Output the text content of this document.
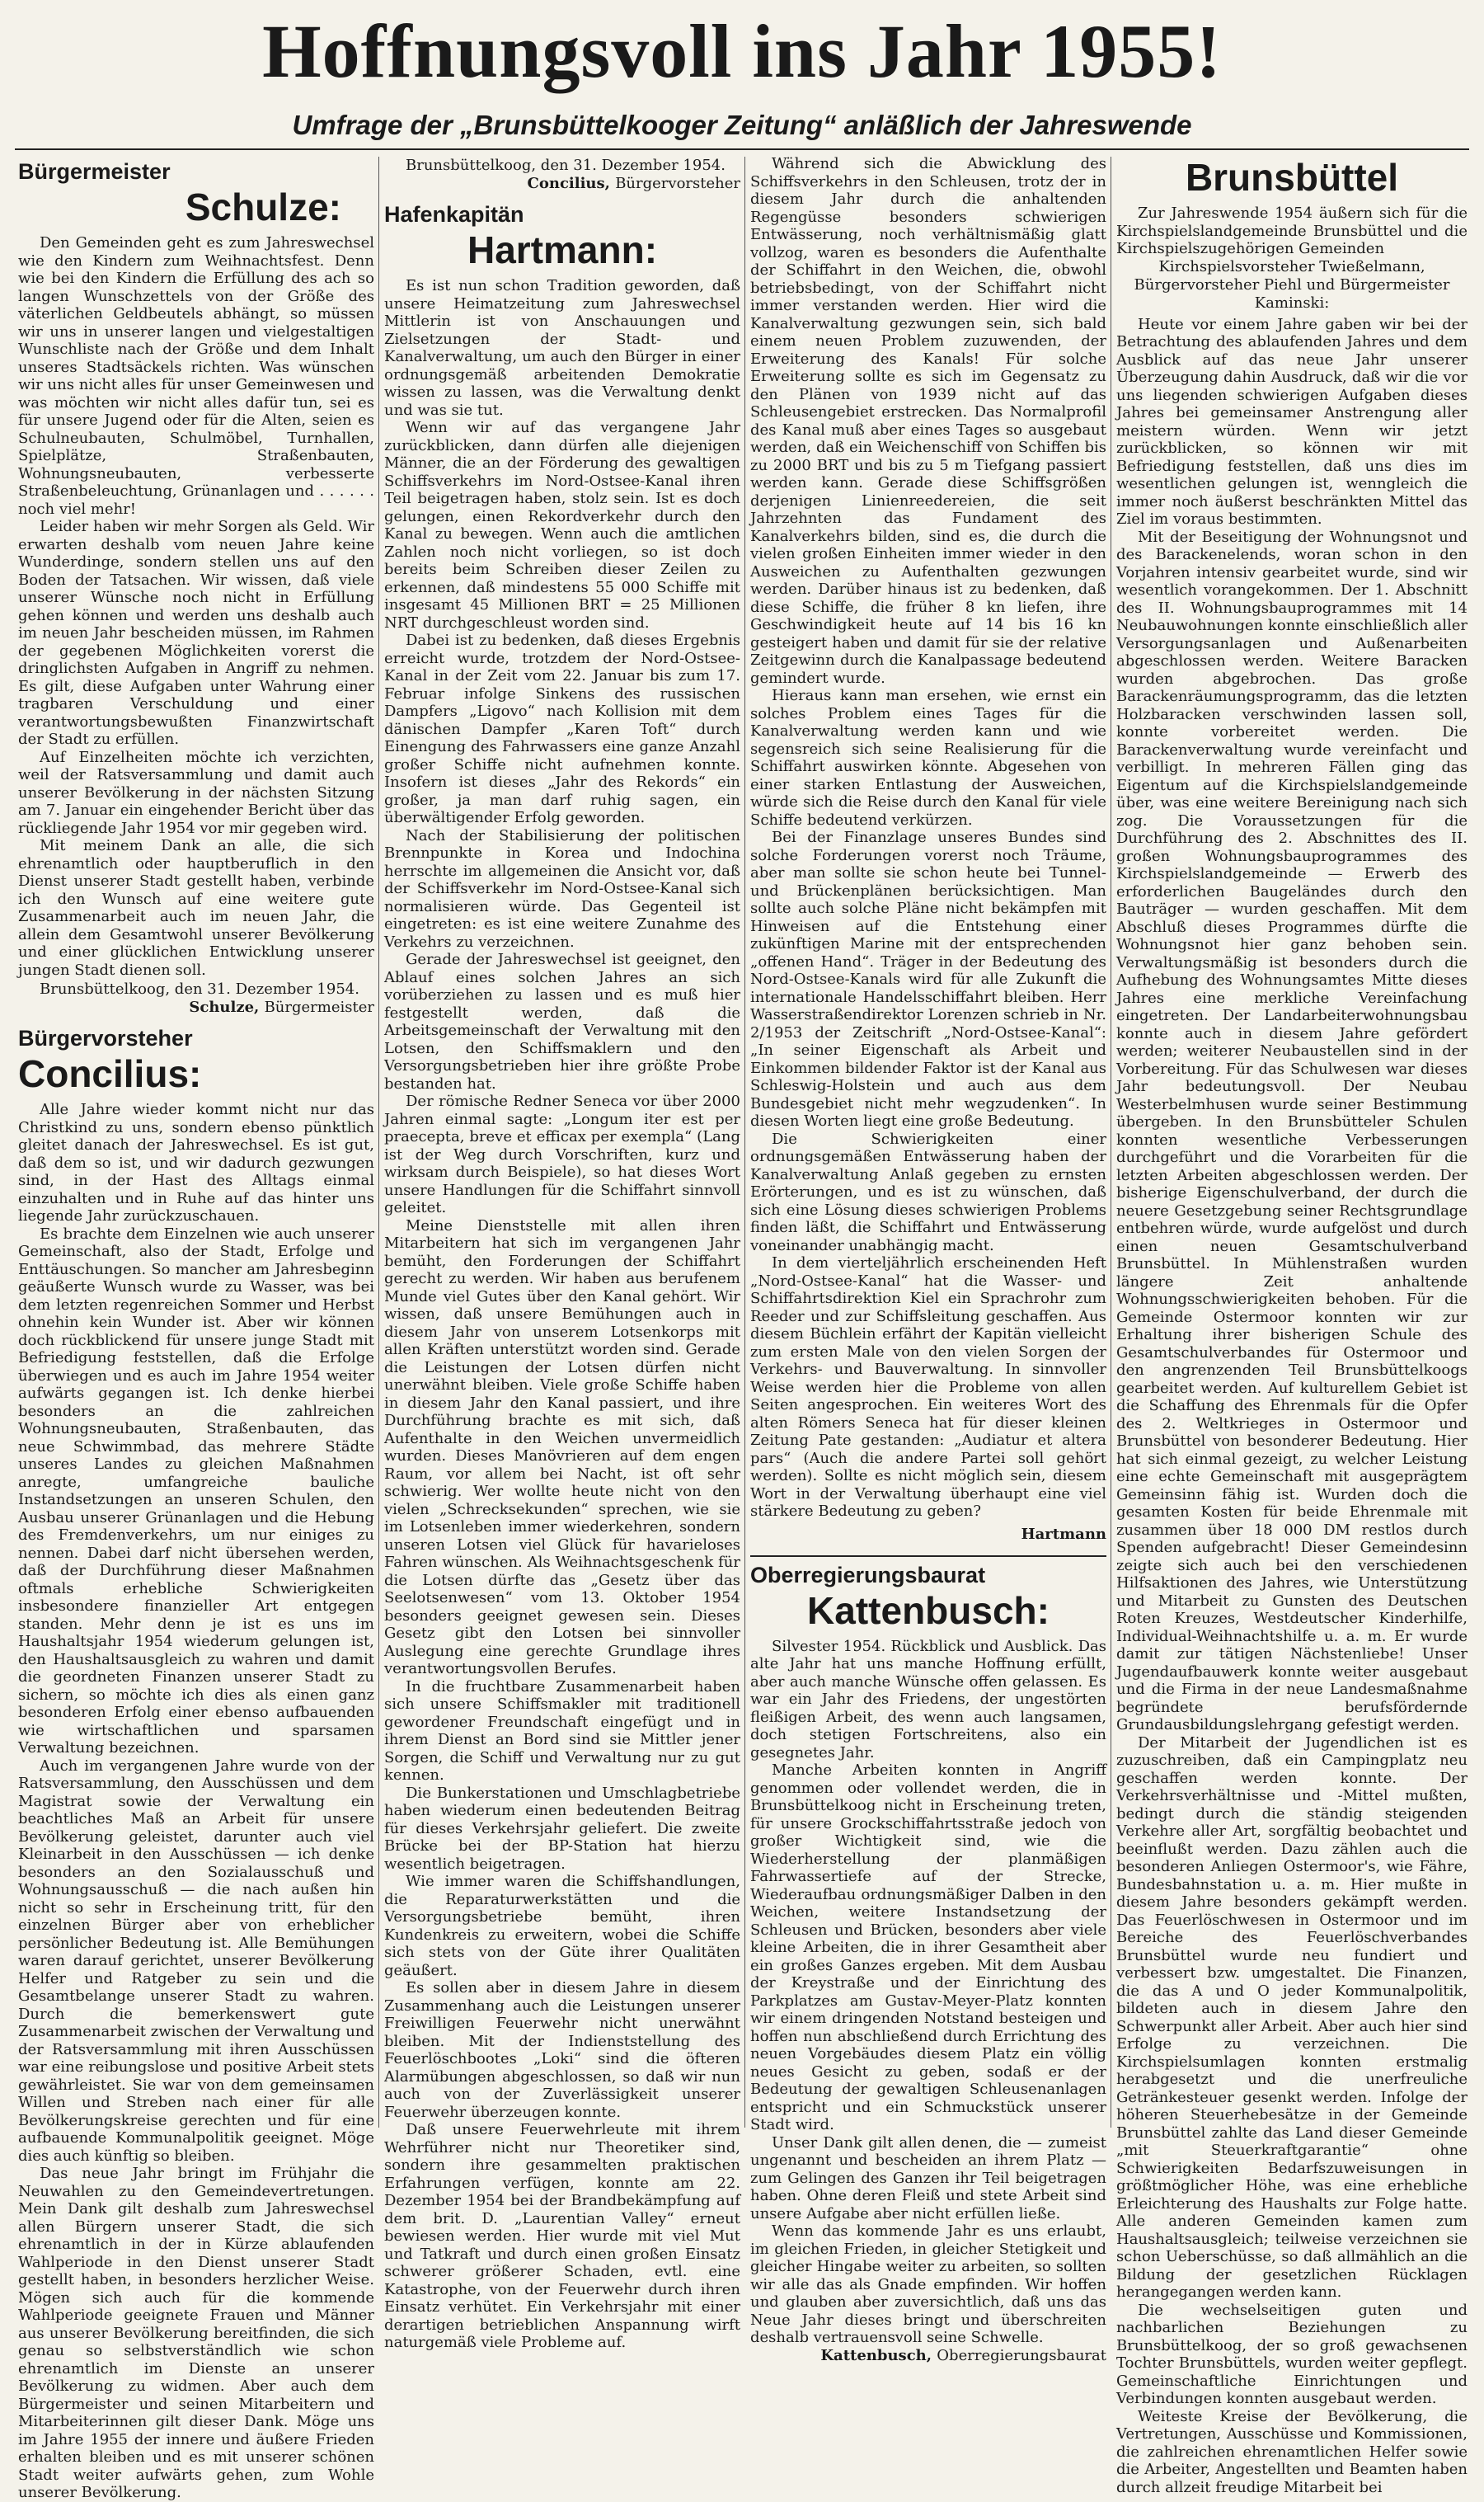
Hoffnungsvoll ins Jahr 1955!
Umfrage der „Brunsbüttelkooger Zeitung“ anläßlich der Jahreswende
Bürgermeister
Schulze:

Den Gemeinden geht es zum Jahreswechsel wie den Kindern zum Weihnachtsfest. Denn wie bei den Kindern die Erfüllung des ach so langen Wunschzettels von der Größe des väterlichen Geldbeutels abhängt, so müssen wir uns in unserer langen und vielgestaltigen Wunschliste nach der Größe und dem Inhalt unseres Stadtsäckels richten. Was wünschen wir uns nicht alles für unser Gemeinwesen und was möchten wir nicht alles dafür tun, sei es für unsere Jugend oder für die Alten, seien es Schulneubauten, Schulmöbel, Turnhallen, Spielplätze, Straßenbauten, Wohnungsneubauten, verbesserte Straßenbeleuchtung, Grünanlagen und . . . . . . noch viel mehr!

Leider haben wir mehr Sorgen als Geld. Wir erwarten deshalb vom neuen Jahre keine Wunderdinge, sondern stellen uns auf den Boden der Tatsachen. Wir wissen, daß viele unserer Wünsche noch nicht in Erfüllung gehen können und werden uns deshalb auch im neuen Jahr bescheiden müssen, im Rahmen der gegebenen Möglichkeiten vorerst die dringlichsten Aufgaben in Angriff zu nehmen. Es gilt, diese Aufgaben unter Wahrung einer tragbaren Verschuldung und einer verantwortungsbewußten Finanzwirtschaft der Stadt zu erfüllen.

Auf Einzelheiten möchte ich verzichten, weil der Ratsversammlung und damit auch unserer Bevölkerung in der nächsten Sitzung am 7. Januar ein eingehender Bericht über das rückliegende Jahr 1954 vor mir gegeben wird.

Mit meinem Dank an alle, die sich ehrenamtlich oder hauptberuflich in den Dienst unserer Stadt gestellt haben, verbinde ich den Wunsch auf eine weitere gute Zusammenarbeit auch im neuen Jahr, die allein dem Gesamtwohl unserer Bevölkerung und einer glücklichen Entwicklung unserer jungen Stadt dienen soll.

Brunsbüttelkoog, den 31. Dezember 1954.
Schulze, Bürgermeister
Bürgervorsteher
Concilius:

Alle Jahre wieder kommt nicht nur das Christkind zu uns, sondern ebenso pünktlich gleitet danach der Jahreswechsel. Es ist gut, daß dem so ist, und wir dadurch gezwungen sind, in der Hast des Alltags einmal einzuhalten und in Ruhe auf das hinter uns liegende Jahr zurückzuschauen.

Es brachte dem Einzelnen wie auch unserer Gemeinschaft, also der Stadt, Erfolge und Enttäuschungen. So mancher am Jahresbeginn geäußerte Wunsch wurde zu Wasser, was bei dem letzten regenreichen Sommer und Herbst ohnehin kein Wunder ist. Aber wir können doch rückblickend für unsere junge Stadt mit Befriedigung feststellen, daß die Erfolge überwiegen und es auch im Jahre 1954 weiter aufwärts gegangen ist. Ich denke hierbei besonders an die zahlreichen Wohnungsneubauten, Straßenbauten, das neue Schwimmbad, das mehrere Städte unseres Landes zu gleichen Maßnahmen anregte, umfangreiche bauliche Instandsetzungen an unseren Schulen, den Ausbau unserer Grünanlagen und die Hebung des Fremdenverkehrs, um nur einiges zu nennen. Dabei darf nicht übersehen werden, daß der Durchführung dieser Maßnahmen oftmals erhebliche Schwierigkeiten insbesondere finanzieller Art entgegen standen. Mehr denn je ist es uns im Haushaltsjahr 1954 wiederum gelungen ist, den Haushaltsausgleich zu wahren und damit die geordneten Finanzen unserer Stadt zu sichern, so möchte ich dies als einen ganz besonderen Erfolg einer ebenso aufbauenden wie wirtschaftlichen und sparsamen Verwaltung bezeichnen.

Auch im vergangenen Jahre wurde von der Ratsversammlung, den Ausschüssen und dem Magistrat sowie der Verwaltung ein beachtliches Maß an Arbeit für unsere Bevölkerung geleistet, darunter auch viel Kleinarbeit in den Ausschüssen — ich denke besonders an den Sozialausschuß und Wohnungsausschuß — die nach außen hin nicht so sehr in Erscheinung tritt, für den einzelnen Bürger aber von erheblicher persönlicher Bedeutung ist. Alle Bemühungen waren darauf gerichtet, unserer Bevölkerung Helfer und Ratgeber zu sein und die Gesamtbelange unserer Stadt zu wahren. Durch die bemerkenswert gute Zusammenarbeit zwischen der Verwaltung und der Ratsversammlung mit ihren Ausschüssen war eine reibungslose und positive Arbeit stets gewährleistet. Sie war von dem gemeinsamen Willen und Streben nach einer für alle Bevölkerungskreise gerechten und für eine aufbauende Kommunalpolitik geeignet. Möge dies auch künftig so bleiben.

Das neue Jahr bringt im Frühjahr die Neuwahlen zu den Gemeindevertretungen. Mein Dank gilt deshalb zum Jahreswechsel allen Bürgern unserer Stadt, die sich ehrenamtlich in der in Kürze ablaufenden Wahlperiode in den Dienst unserer Stadt gestellt haben, in besonders herzlicher Weise. Mögen sich auch für die kommende Wahlperiode geeignete Frauen und Männer aus unserer Bevölkerung bereitfinden, die sich genau so selbstverständlich wie schon ehrenamtlich im Dienste an unserer Bevölkerung zu widmen. Aber auch dem Bürgermeister und seinen Mitarbeitern und Mitarbeiterinnen gilt dieser Dank. Möge uns im Jahre 1955 der innere und äußere Frieden erhalten bleiben und es mit unserer schönen Stadt weiter aufwärts gehen, zum Wohle unserer Bevölkerung.

Brunsbüttelkoog, den 31. Dezember 1954.
Concilius, Bürgervorsteher
Hafenkapitän
Hartmann:

Es ist nun schon Tradition geworden, daß unsere Heimatzeitung zum Jahreswechsel Mittlerin ist von Anschauungen und Zielsetzungen der Stadt- und Kanalverwaltung, um auch den Bürger in einer ordnungsgemäß arbeitenden Demokratie wissen zu lassen, was die Verwaltung denkt und was sie tut.

Wenn wir auf das vergangene Jahr zurückblicken, dann dürfen alle diejenigen Männer, die an der Förderung des gewaltigen Schiffsverkehrs im Nord-Ostsee-Kanal ihren Teil beigetragen haben, stolz sein. Ist es doch gelungen, einen Rekordverkehr durch den Kanal zu bewegen. Wenn auch die amtlichen Zahlen noch nicht vorliegen, so ist doch bereits beim Schreiben dieser Zeilen zu erkennen, daß mindestens 55 000 Schiffe mit insgesamt 45 Millionen BRT = 25 Millionen NRT durchgeschleust worden sind.

Dabei ist zu bedenken, daß dieses Ergebnis erreicht wurde, trotzdem der Nord-Ostsee-Kanal in der Zeit vom 22. Januar bis zum 17. Februar infolge Sinkens des russischen Dampfers „Ligovo“ nach Kollision mit dem dänischen Dampfer „Karen Toft“ durch Einengung des Fahrwassers eine ganze Anzahl großer Schiffe nicht aufnehmen konnte. Insofern ist dieses „Jahr des Rekords“ ein großer, ja man darf ruhig sagen, ein überwältigender Erfolg geworden.

Nach der Stabilisierung der politischen Brennpunkte in Korea und Indochina herrschte im allgemeinen die Ansicht vor, daß der Schiffsverkehr im Nord-Ostsee-Kanal sich normalisieren würde. Das Gegenteil ist eingetreten: es ist eine weitere Zunahme des Verkehrs zu verzeichnen.

Gerade der Jahreswechsel ist geeignet, den Ablauf eines solchen Jahres an sich vorüberziehen zu lassen und es muß hier festgestellt werden, daß die Arbeitsgemeinschaft der Verwaltung mit den Lotsen, den Schiffsmaklern und den Versorgungsbetrieben hier ihre größte Probe bestanden hat.

Der römische Redner Seneca vor über 2000 Jahren einmal sagte: „Longum iter est per praecepta, breve et efficax per exempla“ (Lang ist der Weg durch Vorschriften, kurz und wirksam durch Beispiele), so hat dieses Wort unsere Handlungen für die Schiffahrt sinnvoll geleitet.

Meine Dienststelle mit allen ihren Mitarbeitern hat sich im vergangenen Jahr bemüht, den Forderungen der Schiffahrt gerecht zu werden. Wir haben aus berufenem Munde viel Gutes über den Kanal gehört. Wir wissen, daß unsere Bemühungen auch in diesem Jahr von unserem Lotsenkorps mit allen Kräften unterstützt worden sind. Gerade die Leistungen der Lotsen dürfen nicht unerwähnt bleiben. Viele große Schiffe haben in diesem Jahr den Kanal passiert, und ihre Durchführung brachte es mit sich, daß Aufenthalte in den Weichen unvermeidlich wurden. Dieses Manövrieren auf dem engen Raum, vor allem bei Nacht, ist oft sehr schwierig. Wer wollte heute nicht von den vielen „Schrecksekunden“ sprechen, wie sie im Lotsenleben immer wiederkehren, sondern unseren Lotsen viel Glück für havarieloses Fahren wünschen. Als Weihnachtsgeschenk für die Lotsen dürfte das „Gesetz über das Seelotsenwesen“ vom 13. Oktober 1954 besonders geeignet gewesen sein. Dieses Gesetz gibt den Lotsen bei sinnvoller Auslegung eine gerechte Grundlage ihres verantwortungsvollen Berufes.

In die fruchtbare Zusammenarbeit haben sich unsere Schiffsmakler mit traditionell gewordener Freundschaft eingefügt und in ihrem Dienst an Bord sind sie Mittler jener Sorgen, die Schiff und Verwaltung nur zu gut kennen.

Die Bunkerstationen und Umschlagbetriebe haben wiederum einen bedeutenden Beitrag für dieses Verkehrsjahr geliefert. Die zweite Brücke bei der BP-Station hat hierzu wesentlich beigetragen.

Wie immer waren die Schiffshandlungen, die Reparaturwerkstätten und die Versorgungsbetriebe bemüht, ihren Kundenkreis zu erweitern, wobei die Schiffe sich stets von der Güte ihrer Qualitäten geäußert.

Es sollen aber in diesem Jahre in diesem Zusammenhang auch die Leistungen unserer Freiwilligen Feuerwehr nicht unerwähnt bleiben. Mit der Indienststellung des Feuerlöschbootes „Loki“ sind die öfteren Alarmübungen abgeschlossen, so daß wir nun auch von der Zuverlässigkeit unserer Feuerwehr überzeugen konnte.

Daß unsere Feuerwehrleute mit ihrem Wehrführer nicht nur Theoretiker sind, sondern ihre gesammelten praktischen Erfahrungen verfügen, konnte am 22. Dezember 1954 bei der Brandbekämpfung auf dem brit. D. „Laurentian Valley“ erneut bewiesen werden. Hier wurde mit viel Mut und Tatkraft und durch einen großen Einsatz schwerer größerer Schaden, evtl. eine Katastrophe, von der Feuerwehr durch ihren Einsatz verhütet. Ein Verkehrsjahr mit einer derartigen betrieblichen Anspannung wirft naturgemäß viele Probleme auf.

Während sich die Abwicklung des Schiffsverkehrs in den Schleusen, trotz der in diesem Jahr durch die anhaltenden Regengüsse besonders schwierigen Entwässerung, noch verhältnismäßig glatt vollzog, waren es besonders die Aufenthalte der Schiffahrt in den Weichen, die, obwohl betriebsbedingt, von der Schiffahrt nicht immer verstanden werden. Hier wird die Kanalverwaltung gezwungen sein, sich bald einem neuen Problem zuzuwenden, der Erweiterung des Kanals! Für solche Erweiterung sollte es sich im Gegensatz zu den Plänen von 1939 nicht auf das Schleusengebiet erstrecken. Das Normalprofil des Kanal muß aber eines Tages so ausgebaut werden, daß ein Weichenschiff von Schiffen bis zu 2000 BRT und bis zu 5 m Tiefgang passiert werden kann. Gerade diese Schiffsgrößen derjenigen Linienreedereien, die seit Jahrzehnten das Fundament des Kanalverkehrs bilden, sind es, die durch die vielen großen Einheiten immer wieder in den Ausweichen zu Aufenthalten gezwungen werden. Darüber hinaus ist zu bedenken, daß diese Schiffe, die früher 8 kn liefen, ihre Geschwindigkeit heute auf 14 bis 16 kn gesteigert haben und damit für sie der relative Zeitgewinn durch die Kanalpassage bedeutend gemindert wurde.

Hieraus kann man ersehen, wie ernst ein solches Problem eines Tages für die Kanalverwaltung werden kann und wie segensreich sich seine Realisierung für die Schiffahrt auswirken könnte. Abgesehen von einer starken Entlastung der Ausweichen, würde sich die Reise durch den Kanal für viele Schiffe bedeutend verkürzen.

Bei der Finanzlage unseres Bundes sind solche Forderungen vorerst noch Träume, aber man sollte sie schon heute bei Tunnel- und Brückenplänen berücksichtigen. Man sollte auch solche Pläne nicht bekämpfen mit Hinweisen auf die Entstehung einer zukünftigen Marine mit der entsprechenden „offenen Hand“. Träger in der Bedeutung des Nord-Ostsee-Kanals wird für alle Zukunft die internationale Handelsschiffahrt bleiben. Herr Wasserstraßendirektor Lorenzen schrieb in Nr. 2/1953 der Zeitschrift „Nord-Ostsee-Kanal“: „In seiner Eigenschaft als Arbeit und Einkommen bildender Faktor ist der Kanal aus Schleswig-Holstein und auch aus dem Bundesgebiet nicht mehr wegzudenken“. In diesen Worten liegt eine große Bedeutung.

Die Schwierigkeiten einer ordnungsgemäßen Entwässerung haben der Kanalverwaltung Anlaß gegeben zu ernsten Erörterungen, und es ist zu wünschen, daß sich eine Lösung dieses schwierigen Problems finden läßt, die Schiffahrt und Entwässerung voneinander unabhängig macht.

In dem vierteljährlich erscheinenden Heft „Nord-Ostsee-Kanal“ hat die Wasser- und Schiffahrtsdirektion Kiel ein Sprachrohr zum Reeder und zur Schiffsleitung geschaffen. Aus diesem Büchlein erfährt der Kapitän vielleicht zum ersten Male von den vielen Sorgen der Verkehrs- und Bauverwaltung. In sinnvoller Weise werden hier die Probleme von allen Seiten angesprochen. Ein weiteres Wort des alten Römers Seneca hat für dieser kleinen Zeitung Pate gestanden: „Audiatur et altera pars“ (Auch die andere Partei soll gehört werden). Sollte es nicht möglich sein, diesem Wort in der Verwaltung überhaupt eine viel stärkere Bedeutung zu geben?

Hartmann
Oberregierungsbaurat
Kattenbusch:

Silvester 1954. Rückblick und Ausblick. Das alte Jahr hat uns manche Hoffnung erfüllt, aber auch manche Wünsche offen gelassen. Es war ein Jahr des Friedens, der ungestörten fleißigen Arbeit, des wenn auch langsamen, doch stetigen Fortschreitens, also ein gesegnetes Jahr.

Manche Arbeiten konnten in Angriff genommen oder vollendet werden, die in Brunsbüttelkoog nicht in Erscheinung treten, für unsere Grockschiffahrtsstraße jedoch von großer Wichtigkeit sind, wie die Wiederherstellung der planmäßigen Fahrwassertiefe auf der Strecke, Wiederaufbau ordnungsmäßiger Dalben in den Weichen, weitere Instandsetzung der Schleusen und Brücken, besonders aber viele kleine Arbeiten, die in ihrer Gesamtheit aber ein großes Ganzes ergeben. Mit dem Ausbau der Kreystraße und der Einrichtung des Parkplatzes am Gustav-Meyer-Platz konnten wir einem dringenden Notstand besteigen und hoffen nun abschließend durch Errichtung des neuen Vorgebäudes diesem Platz ein völlig neues Gesicht zu geben, sodaß er der Bedeutung der gewaltigen Schleusenanlagen entspricht und ein Schmuckstück unserer Stadt wird.

Unser Dank gilt allen denen, die — zumeist ungenannt und bescheiden an ihrem Platz — zum Gelingen des Ganzen ihr Teil beigetragen haben. Ohne deren Fleiß und stete Arbeit sind unsere Aufgabe aber nicht erfüllen ließe.

Wenn das kommende Jahr es uns erlaubt, im gleichen Frieden, in gleicher Stetigkeit und gleicher Hingabe weiter zu arbeiten, so sollten wir alle das als Gnade empfinden. Wir hoffen und glauben aber zuversichtlich, daß uns das Neue Jahr dieses bringt und überschreiten deshalb vertrauensvoll seine Schwelle.

Kattenbusch, Oberregierungsbaurat
Brunsbüttel

Zur Jahreswende 1954 äußern sich für die Kirchspielslandgemeinde Brunsbüttel und die Kirchspielszugehörigen Gemeinden

Kirchspielsvorsteher Twießelmann, Bürgervorsteher Piehl und Bürgermeister Kaminski:

Heute vor einem Jahre gaben wir bei der Betrachtung des ablaufenden Jahres und dem Ausblick auf das neue Jahr unserer Überzeugung dahin Ausdruck, daß wir die vor uns liegenden schwierigen Aufgaben dieses Jahres bei gemeinsamer Anstrengung aller meistern würden. Wenn wir jetzt zurückblicken, so können wir mit Befriedigung feststellen, daß uns dies im wesentlichen gelungen ist, wenngleich die immer noch äußerst beschränkten Mittel das Ziel im voraus bestimmten.

Mit der Beseitigung der Wohnungsnot und des Barackenelends, woran schon in den Vorjahren intensiv gearbeitet wurde, sind wir wesentlich vorangekommen. Der 1. Abschnitt des II. Wohnungsbauprogrammes mit 14 Neubauwohnungen konnte einschließlich aller Versorgungsanlagen und Außenarbeiten abgeschlossen werden. Weitere Baracken wurden abgebrochen. Das große Barackenräumungsprogramm, das die letzten Holzbaracken verschwinden lassen soll, konnte vorbereitet werden. Die Barackenverwaltung wurde vereinfacht und verbilligt. In mehreren Fällen ging das Eigentum auf die Kirchspielslandgemeinde über, was eine weitere Bereinigung nach sich zog. Die Voraussetzungen für die Durchführung des 2. Abschnittes des II. großen Wohnungsbauprogrammes des Kirchspielslandgemeinde — Erwerb des erforderlichen Baugeländes durch den Bauträger — wurden geschaffen. Mit dem Abschluß dieses Programmes dürfte die Wohnungsnot hier ganz behoben sein. Verwaltungsmäßig ist besonders durch die Aufhebung des Wohnungsamtes Mitte dieses Jahres eine merkliche Vereinfachung eingetreten. Der Landarbeiterwohnungsbau konnte auch in diesem Jahre gefördert werden; weiterer Neubaustellen sind in der Vorbereitung. Für das Schulwesen war dieses Jahr bedeutungsvoll. Der Neubau Westerbelmhusen wurde seiner Bestimmung übergeben. In den Brunsbütteler Schulen konnten wesentliche Verbesserungen durchgeführt und die Vorarbeiten für die letzten Arbeiten abgeschlossen werden. Der bisherige Eigenschulverband, der durch die neuere Gesetzgebung seiner Rechtsgrundlage entbehren würde, wurde aufgelöst und durch einen neuen Gesamtschulverband Brunsbüttel. In Mühlenstraßen wurden längere Zeit anhaltende Wohnungsschwierigkeiten behoben. Für die Gemeinde Ostermoor konnten wir zur Erhaltung ihrer bisherigen Schule des Gesamtschulverbandes für Ostermoor und den angrenzenden Teil Brunsbüttelkoogs gearbeitet werden. Auf kulturellem Gebiet ist die Schaffung des Ehrenmals für die Opfer des 2. Weltkrieges in Ostermoor und Brunsbüttel von besonderer Bedeutung. Hier hat sich einmal gezeigt, zu welcher Leistung eine echte Gemeinschaft mit ausgeprägtem Gemeinsinn fähig ist. Wurden doch die gesamten Kosten für beide Ehrenmale mit zusammen über 18 000 DM restlos durch Spenden aufgebracht! Dieser Gemeindesinn zeigte sich auch bei den verschiedenen Hilfsaktionen des Jahres, wie Unterstützung und Mitarbeit zu Gunsten des Deutschen Roten Kreuzes, Westdeutscher Kinderhilfe, Individual-Weihnachtshilfe u. a. m. Er wurde damit zur tätigen Nächstenliebe! Unser Jugendaufbauwerk konnte weiter ausgebaut und die Firma in der neue Landesmaßnahme begründete berufsfördernde Grundausbildungslehrgang gefestigt werden.

Der Mitarbeit der Jugendlichen ist es zuzuschreiben, daß ein Campingplatz neu geschaffen werden konnte. Der Verkehrsverhältnisse und -Mittel mußten, bedingt durch die ständig steigenden Verkehre aller Art, sorgfältig beobachtet und beeinflußt werden. Dazu zählen auch die besonderen Anliegen Ostermoor's, wie Fähre, Bundesbahnstation u. a. m. Hier mußte in diesem Jahre besonders gekämpft werden. Das Feuerlöschwesen in Ostermoor und im Bereiche des Feuerlöschverbandes Brunsbüttel wurde neu fundiert und verbessert bzw. umgestaltet. Die Finanzen, die das A und O jeder Kommunalpolitik, bildeten auch in diesem Jahre den Schwerpunkt aller Arbeit. Aber auch hier sind Erfolge zu verzeichnen. Die Kirchspielsumlagen konnten erstmalig herabgesetzt und die unerfreuliche Getränkesteuer gesenkt werden. Infolge der höheren Steuerhebesätze in der Gemeinde Brunsbüttel zahlte das Land dieser Gemeinde „mit Steuerkraftgarantie“ ohne Schwierigkeiten Bedarfszuweisungen in größtmöglicher Höhe, was eine erhebliche Erleichterung des Haushalts zur Folge hatte. Alle anderen Gemeinden kamen zum Haushaltsausgleich; teilweise verzeichnen sie schon Ueberschüsse, so daß allmählich an die Bildung der gesetzlichen Rücklagen herangegangen werden kann.

Die wechselseitigen guten und nachbarlichen Beziehungen zu Brunsbüttelkoog, der so groß gewachsenen Tochter Brunsbüttels, wurden weiter gepflegt. Gemeinschaftliche Einrichtungen und Verbindungen konnten ausgebaut werden.

Weiteste Kreise der Bevölkerung, die Vertretungen, Ausschüsse und Kommissionen, die zahlreichen ehrenamtlichen Helfer sowie die Arbeiter, Angestellten und Beamten haben durch allzeit freudige Mitarbeit bei
